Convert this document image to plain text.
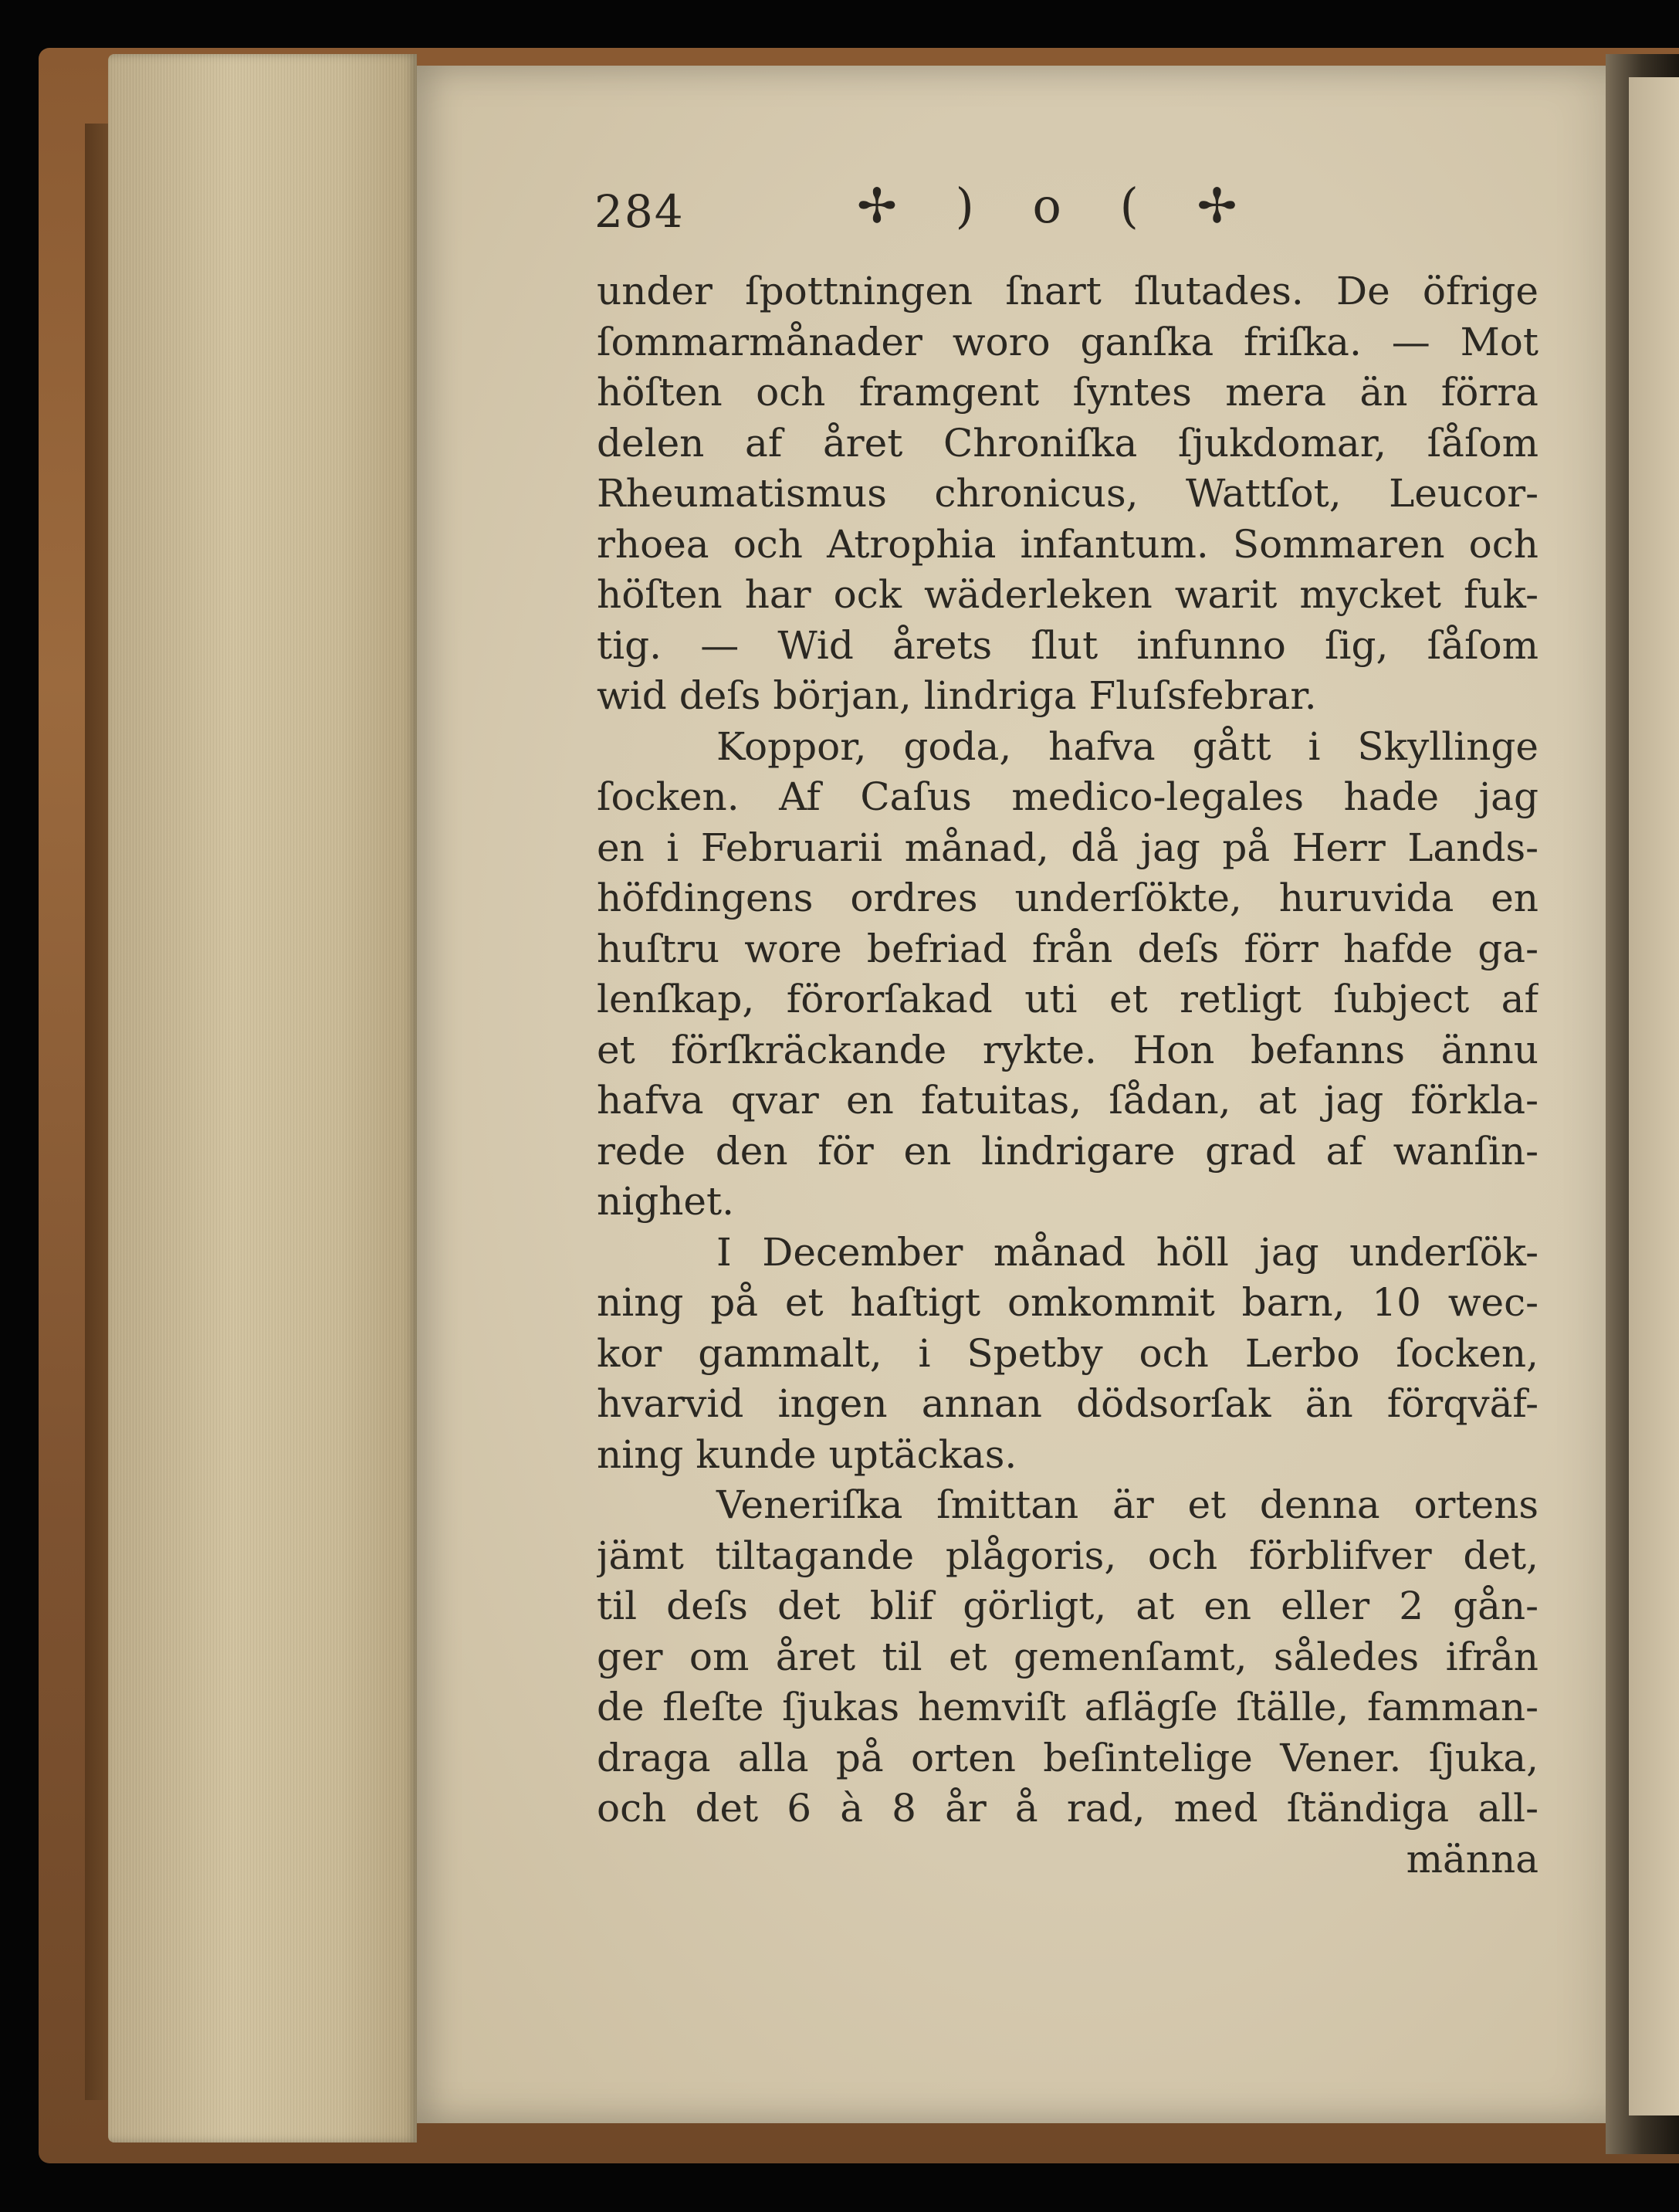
284	✢ ) o ( ✢
under ſpottningen ſnart ſlutades. De öfrige
ſommarmånader woro ganſka friſka. — Mot
höſten och framgent ſyntes mera än förra
delen af året Chroniſka ſjukdomar, ſåſom
Rheumatismus chronicus, Wattſot, Leucor-
rhoea och Atrophia infantum. Sommaren och
höſten har ock wäderleken warit mycket fuk-
tig. — Wid årets ſlut infunno ſig, ſåſom
wid deſs början, lindriga Fluſsfebrar.
Koppor, goda, hafva gått i Skyllinge
ſocken. Af Caſus medico-legales hade jag
en i Februarii månad, då jag på Herr Lands-
höfdingens ordres underſökte, huruvida en
huſtru wore befriad från deſs förr hafde ga-
lenſkap, förorſakad uti et retligt ſubject af
et förſkräckande rykte. Hon befanns ännu
hafva qvar en fatuitas, ſådan, at jag förkla-
rede den för en lindrigare grad af wanſin-
nighet.
I December månad höll jag underſök-
ning på et haſtigt omkommit barn, 10 wec-
kor gammalt, i Spetby och Lerbo ſocken,
hvarvid ingen annan dödsorſak än förqväf-
ning kunde uptäckas.
Veneriſka ſmittan är et denna ortens
jämt tiltagande plågoris, och förblifver det,
til deſs det blif görligt, at en eller 2 gån-
ger om året til et gemenſamt, således ifrån
de fleſte ſjukas hemviſt aflägſe ſtälle, famman-
draga alla på orten beſintelige Vener. ſjuka,
och det 6 à 8 år å rad, med ſtändiga all-
männa
